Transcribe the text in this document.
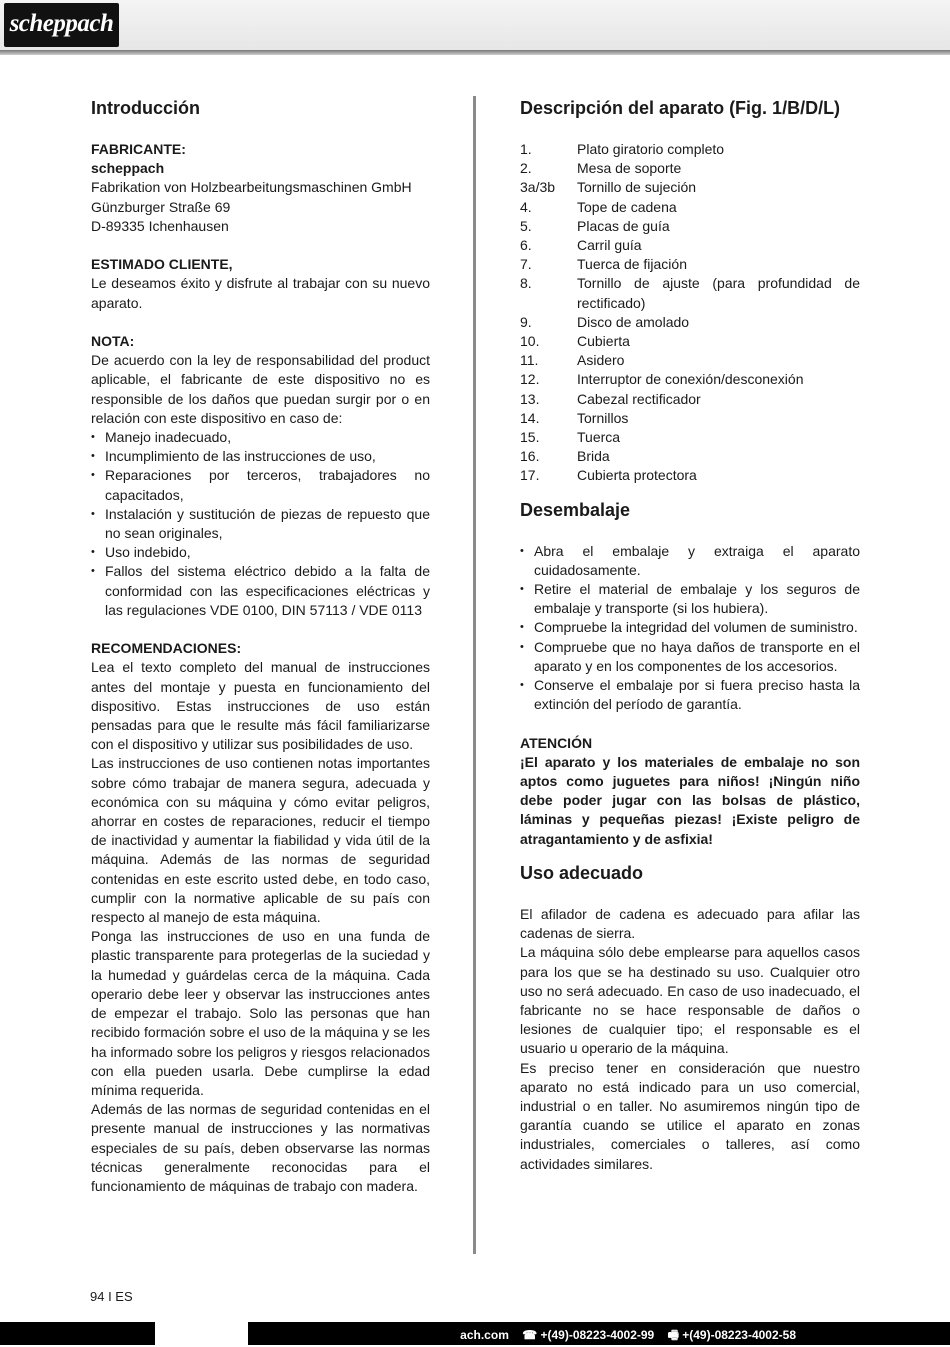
scheppach
Introducción

FABRICANTE:

scheppach

Fabrikation von Holzbearbeitungsmaschinen GmbH

Günzburger Straße 69

D-89335 Ichenhausen

ESTIMADO CLIENTE,

Le deseamos éxito y disfrute al trabajar con su nuevo aparato.

NOTA:

De acuerdo con la ley de responsabilidad del product aplicable, el fabricante de este dispositivo no es responsible de los daños que puedan surgir por o en relación con este dispositivo en caso de:

• Manejo inadecuado,
• Incumplimiento de las instrucciones de uso,
• Reparaciones por terceros, trabajadores no capacitados,
• Instalación y sustitución de piezas de repuesto que no sean originales,
• Uso indebido,
• Fallos del sistema eléctrico debido a la falta de conformidad con las especificaciones eléctricas y las regulaciones VDE 0100, DIN 57113 / VDE 0113

RECOMENDACIONES:

Lea el texto completo del manual de instrucciones antes del montaje y puesta en funcionamiento del dispositivo. Estas instrucciones de uso están pensadas para que le resulte más fácil familiarizarse con el dispositivo y utilizar sus posibilidades de uso.

Las instrucciones de uso contienen notas importantes sobre cómo trabajar de manera segura, adecuada y económica con su máquina y cómo evitar peligros, ahorrar en costes de reparaciones, reducir el tiempo de inactividad y aumentar la fiabilidad y vida útil de la máquina. Además de las normas de seguridad contenidas en este escrito usted debe, en todo caso, cumplir con la normative aplicable de su país con respecto al manejo de esta máquina.

Ponga las instrucciones de uso en una funda de plastic transparente para protegerlas de la suciedad y la humedad y guárdelas cerca de la máquina. Cada operario debe leer y observar las instrucciones antes de empezar el trabajo. Solo las personas que han recibido formación sobre el uso de la máquina y se les ha informado sobre los peligros y riesgos relacionados con ella pueden usarla. Debe cumplirse la edad mínima requerida.

Además de las normas de seguridad contenidas en el presente manual de instrucciones y las normativas especiales de su país, deben observarse las normas técnicas generalmente reconocidas para el funcionamiento de máquinas de trabajo con madera.

Descripción del aparato (Fig. 1/B/D/L)
1.	Plato giratorio completo
2.	Mesa de soporte
3a/3b	Tornillo de sujeción
4.	Tope de cadena
5.	Placas de guía
6.	Carril guía
7.	Tuerca de fijación
8.	Tornillo de ajuste (para profundidad de rectificado)
9.	Disco de amolado
10.	Cubierta
11.	Asidero
12.	Interruptor de conexión/desconexión
13.	Cabezal rectificador
14.	Tornillos
15.	Tuerca
16.	Brida
17.	Cubierta protectora
Desembalaje
• Abra el embalaje y extraiga el aparato cuidadosamente.
• Retire el material de embalaje y los seguros de embalaje y transporte (si los hubiera).
• Compruebe la integridad del volumen de suministro.
• Compruebe que no haya daños de transporte en el aparato y en los componentes de los accesorios.
• Conserve el embalaje por si fuera preciso hasta la extinción del período de garantía.

ATENCIÓN

¡El aparato y los materiales de embalaje no son aptos como juguetes para niños! ¡Ningún niño debe poder jugar con las bolsas de plástico, láminas y pequeñas piezas! ¡Existe peligro de atragantamiento y de asfixia!

Uso adecuado

El afilador de cadena es adecuado para afilar las cadenas de sierra.

La máquina sólo debe emplearse para aquellos casos para los que se ha destinado su uso. Cualquier otro uso no será adecuado. En caso de uso inadecuado, el fabricante no se hace responsable de daños o lesiones de cualquier tipo; el responsable es el usuario u operario de la máquina.

Es preciso tener en consideración que nuestro aparato no está indicado para un uso comercial, industrial o en taller. No asumiremos ningún tipo de garantía cuando se utilice el aparato en zonas industriales, comerciales o talleres, así como actividades similares.

94 I ES
ach.com ☎ +(49)-08223-4002-99 🖷 +(49)-08223-4002-58
